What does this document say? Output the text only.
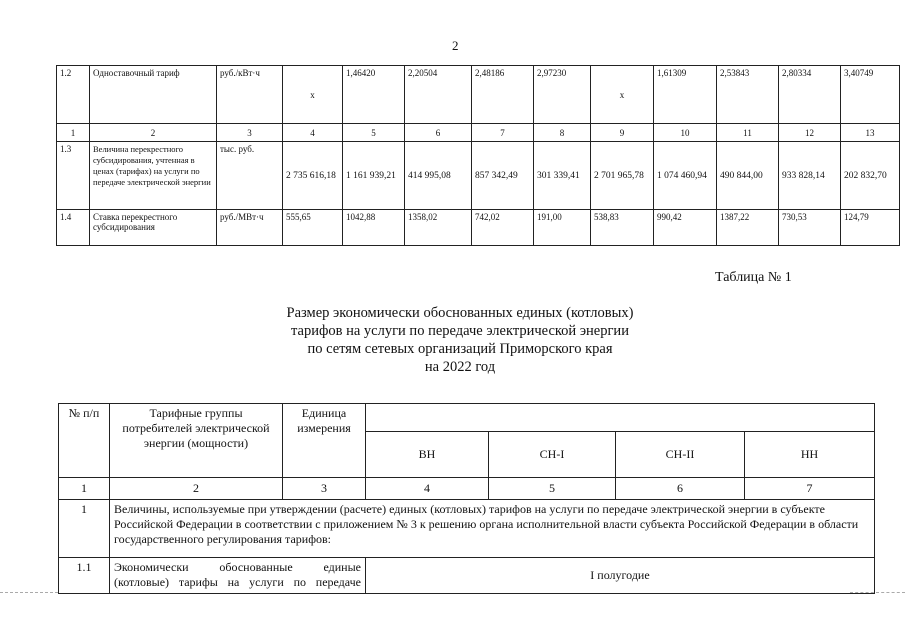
2
1.2	Одноставочный тариф	руб./кВт·ч	х	1,46420	2,20504	2,48186	2,97230	х	1,61309	2,53843	2,80334	3,40749
1	2	3	4	5	6	7	8	9	10	11	12	13
1.3	Величина перекрестного субсидирования, учтенная в ценах (тарифах) на услуги по передаче электрической энергии	тыс. руб.	2 735 616,18	1 161 939,21	414 995,08	857 342,49	301 339,41	2 701 965,78	1 074 460,94	490 844,00	933 828,14	202 832,70
1.4	Ставка перекрестного субсидирования	руб./МВт·ч	555,65	1042,88	1358,02	742,02	191,00	538,83	990,42	1387,22	730,53	124,79
Таблица № 1
Размер экономически обоснованных единых (котловых)
тарифов на услуги по передаче электрической энергии
по сетям сетевых организаций Приморского края
на 2022 год
№ п/п	Тарифные группы потребителей электрической энергии (мощности)	Единица измерения				
			ВН	СН-I	СН-II	НН
1	2	3	4	5	6	7
1	Величины, используемые при утверждении (расчете) единых (котловых) тарифов на услуги по передаче электрической энергии в субъекте Российской Федерации в соответствии с приложением № 3 к решению органа исполнительной власти субъекта Российской Федерации в области государственного регулирования тарифов:					
1.1	Экономически обоснованные единые
(котловые) тарифы на услуги по передаче		I полугодие			
